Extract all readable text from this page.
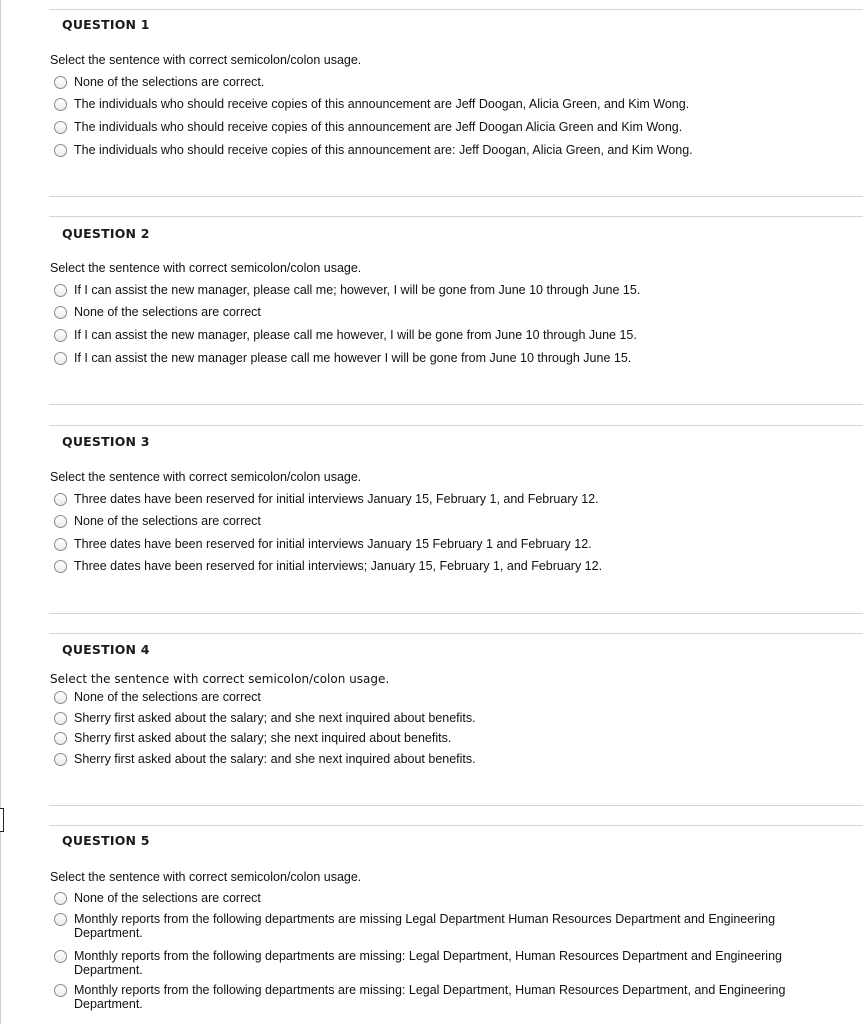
QUESTION 1
Select the sentence with correct semicolon/colon usage.
None of the selections are correct.
The individuals who should receive copies of this announcement are Jeff Doogan, Alicia Green, and Kim Wong.
The individuals who should receive copies of this announcement are Jeff Doogan Alicia Green and Kim Wong.
The individuals who should receive copies of this announcement are: Jeff Doogan, Alicia Green, and Kim Wong.
QUESTION 2
Select the sentence with correct semicolon/colon usage.
If I can assist the new manager, please call me; however, I will be gone from June 10 through June 15.
None of the selections are correct
If I can assist the new manager, please call me however, I will be gone from June 10 through June 15.
If I can assist the new manager please call me however I will be gone from June 10 through June 15.
QUESTION 3
Select the sentence with correct semicolon/colon usage.
Three dates have been reserved for initial interviews January 15, February 1, and February 12.
None of the selections are correct
Three dates have been reserved for initial interviews January 15 February 1 and February 12.
Three dates have been reserved for initial interviews; January 15, February 1, and February 12.
QUESTION 4
Select the sentence with correct semicolon/colon usage.
None of the selections are correct
Sherry first asked about the salary; and she next inquired about benefits.
Sherry first asked about the salary; she next inquired about benefits.
Sherry first asked about the salary: and she next inquired about benefits.
QUESTION 5
Select the sentence with correct semicolon/colon usage.
None of the selections are correct
Monthly reports from the following departments are missing Legal Department Human Resources Department and Engineering Department.
Monthly reports from the following departments are missing: Legal Department, Human Resources Department and Engineering Department.
Monthly reports from the following departments are missing: Legal Department, Human Resources Department, and Engineering Department.
